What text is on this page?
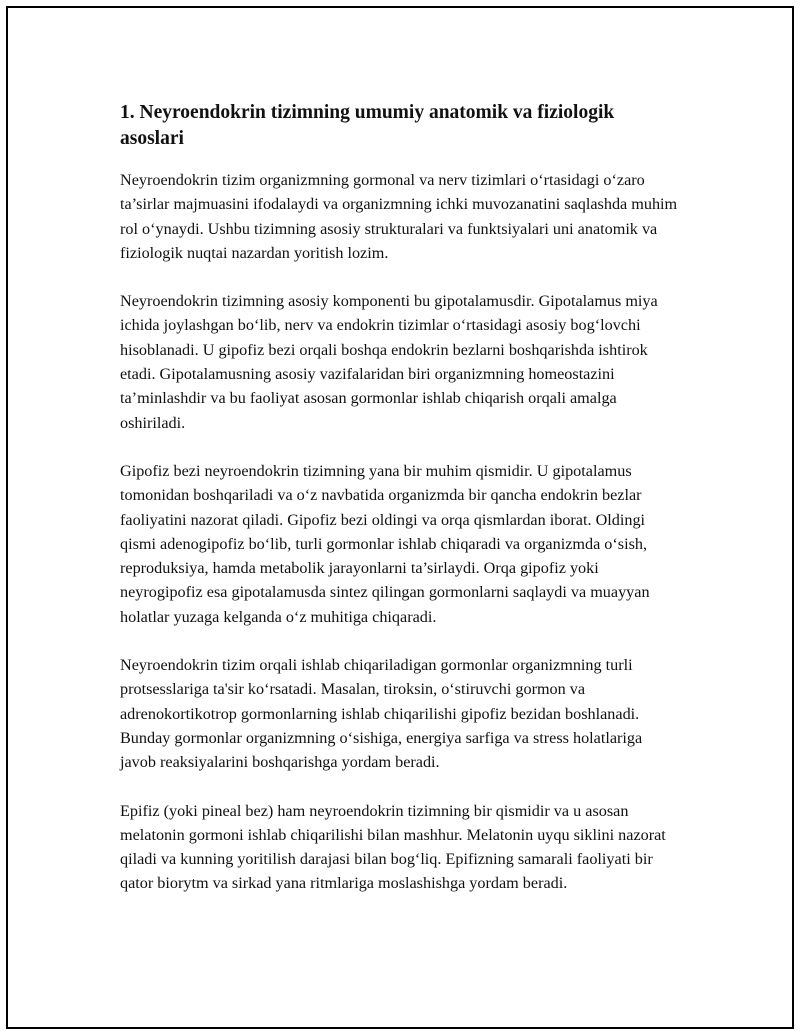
1. Neyroendokrin tizimning umumiy anatomik va fiziologik asoslari

Neyroendokrin tizim organizmning gormonal va nerv tizimlari o‘rtasidagi o‘zaro ta’sirlar majmuasini ifodalaydi va organizmning ichki muvozanatini saqlashda muhim rol o‘ynaydi. Ushbu tizimning asosiy strukturalari va funktsiyalari uni anatomik va fiziologik nuqtai nazardan yoritish lozim.

Neyroendokrin tizimning asosiy komponenti bu gipotalamusdir. Gipotalamus miya ichida joylashgan bo‘lib, nerv va endokrin tizimlar o‘rtasidagi asosiy bog‘lovchi hisoblanadi. U gipofiz bezi orqali boshqa endokrin bezlarni boshqarishda ishtirok etadi. Gipotalamusning asosiy vazifalaridan biri organizmning homeostazini ta’minlashdir va bu faoliyat asosan gormonlar ishlab chiqarish orqali amalga oshiriladi.

Gipofiz bezi neyroendokrin tizimning yana bir muhim qismidir. U gipotalamus tomonidan boshqariladi va o‘z navbatida organizmda bir qancha endokrin bezlar faoliyatini nazorat qiladi. Gipofiz bezi oldingi va orqa qismlardan iborat. Oldingi qismi adenogipofiz bo‘lib, turli gormonlar ishlab chiqaradi va organizmda o‘sish, reproduksiya, hamda metabolik jarayonlarni ta’sirlaydi. Orqa gipofiz yoki neyrogipofiz esa gipotalamusda sintez qilingan gormonlarni saqlaydi va muayyan holatlar yuzaga kelganda o‘z muhitiga chiqaradi.

Neyroendokrin tizim orqali ishlab chiqariladigan gormonlar organizmning turli protsesslariga ta'sir ko‘rsatadi. Masalan, tiroksin, o‘stiruvchi gormon va adrenokortikotrop gormonlarning ishlab chiqarilishi gipofiz bezidan boshlanadi. Bunday gormonlar organizmning o‘sishiga, energiya sarfiga va stress holatlariga javob reaksiyalarini boshqarishga yordam beradi.

Epifiz (yoki pineal bez) ham neyroendokrin tizimning bir qismidir va u asosan melatonin gormoni ishlab chiqarilishi bilan mashhur. Melatonin uyqu siklini nazorat qiladi va kunning yoritilish darajasi bilan bog‘liq. Epifizning samarali faoliyati bir qator biorytm va sirkad yana ritmlariga moslashishga yordam beradi.
